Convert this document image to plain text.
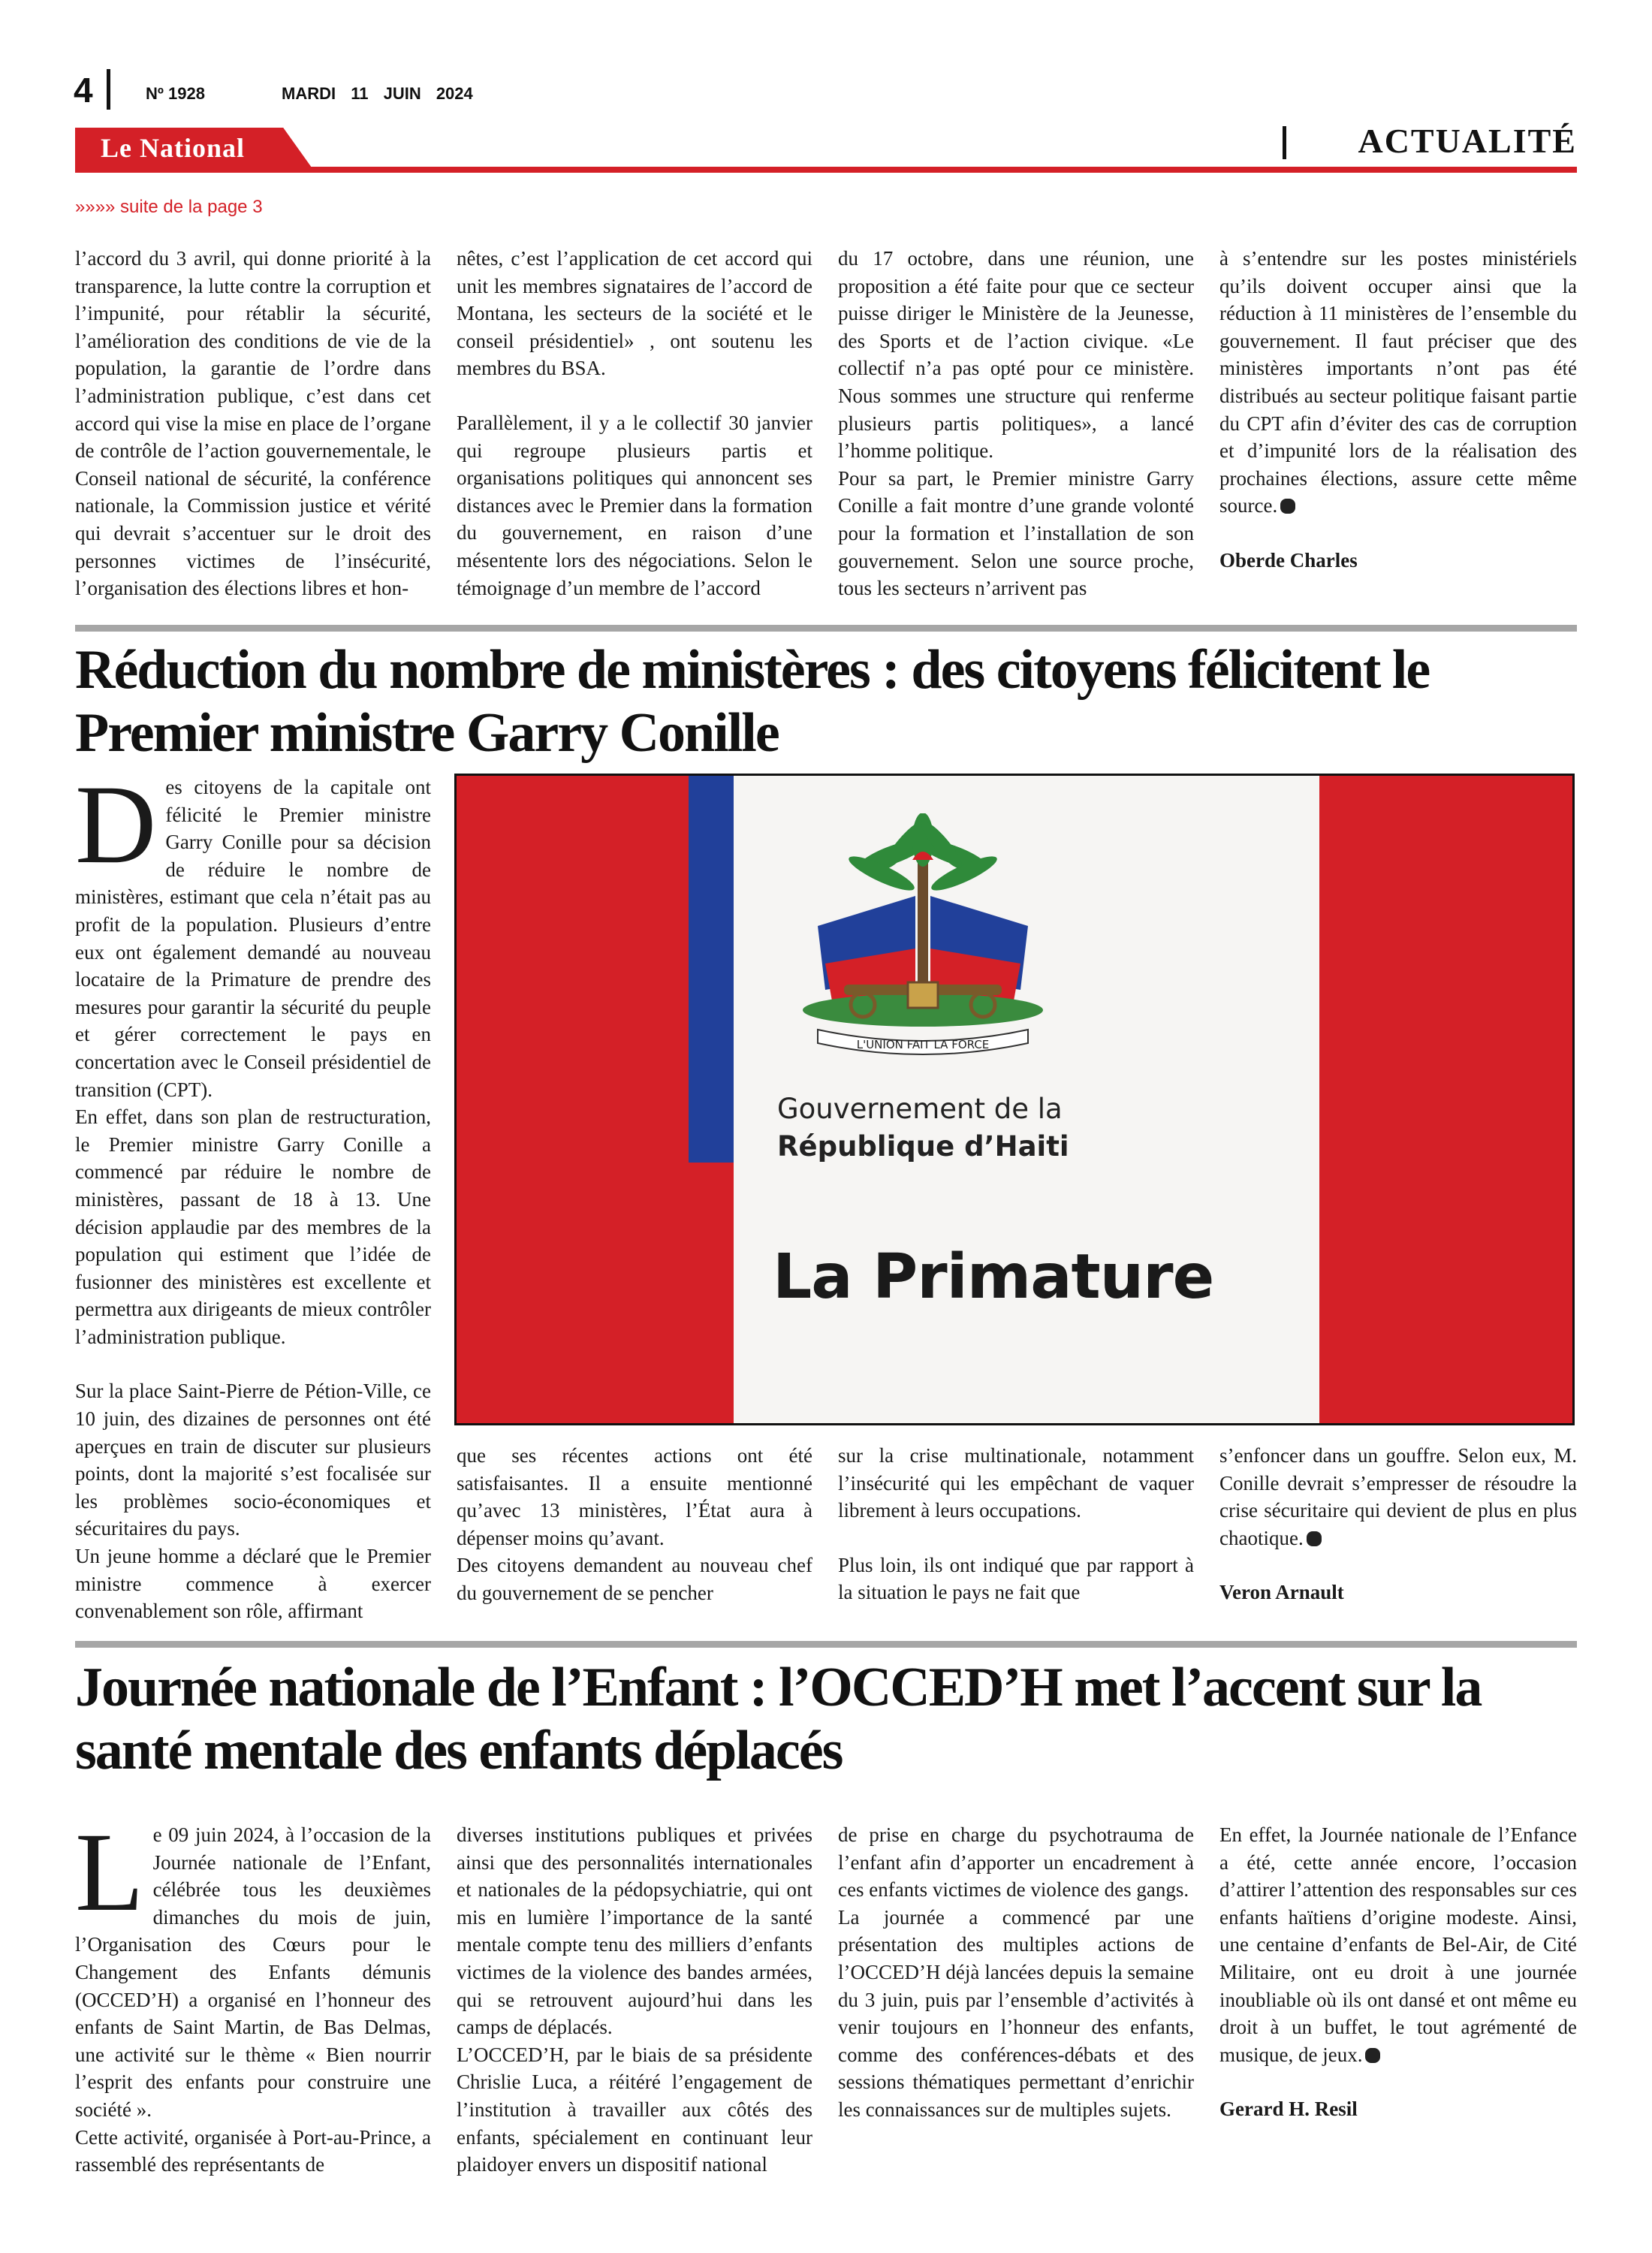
4	Nº 1928	MARDI 11 JUIN 2024
Le National	ACTUALITÉ
»»»» suite de la page 3

l’accord du 3 avril, qui donne priorité à la transparence, la lutte contre la corruption et l’impunité, pour rétablir la sécurité, l’amélioration des conditions de vie de la population, la garantie de l’ordre dans l’administration publique, c’est dans cet accord qui vise la mise en place de l’organe de contrôle de l’action gouvernementale, le Conseil national de sécurité, la conférence nationale, la Commission justice et vérité qui devrait s’accentuer sur le droit des personnes victimes de l’insécurité, l’organisation des élections libres et hon-

nêtes, c’est l’application de cet accord qui unit les membres signataires de l’accord de Montana, les secteurs de la société et le conseil présidentiel» , ont soutenu les membres du BSA.

Parallèlement, il y a le collectif 30 janvier qui regroupe plusieurs partis et organisations politiques qui annoncent ses distances avec le Premier dans la formation du gouvernement, en raison d’une mésentente lors des négociations. Selon le témoignage d’un membre de l’accord

du 17 octobre, dans une réunion, une proposition a été faite pour que ce secteur puisse diriger le Ministère de la Jeunesse, des Sports et de l’action civique. «Le collectif n’a pas opté pour ce ministère. Nous sommes une structure qui renferme plusieurs partis politiques», a lancé l’homme politique.

Pour sa part, le Premier ministre Garry Conille a fait montre d’une grande volonté pour la formation et l’installation de son gouvernement. Selon une source proche, tous les secteurs n’arrivent pas

à s’entendre sur les postes ministériels qu’ils doivent occuper ainsi que la réduction à 11 ministères de l’ensemble du gouvernement. Il faut préciser que des ministères importants n’ont pas été distribués au secteur politique faisant partie du CPT afin d’éviter des cas de corruption et d’impunité lors de la réalisation des prochaines élections, assure cette même source.

Oberde Charles

Réduction du nombre de ministères : des citoyens félicitent le Premier ministre Garry Conille

Des citoyens de la capitale ont félicité le Premier ministre Garry Conille pour sa décision de réduire le nombre de ministères, estimant que cela n’était pas au profit de la population. Plusieurs d’entre eux ont également demandé au nouveau locataire de la Primature de prendre des mesures pour garantir la sécurité du peuple et gérer correctement le pays en concertation avec le Conseil présidentiel de transition (CPT).

En effet, dans son plan de restructuration, le Premier ministre Garry Conille a commencé par réduire le nombre de ministères, passant de 18 à 13. Une décision applaudie par des membres de la population qui estiment que l’idée de fusionner des ministères est excellente et permettra aux dirigeants de mieux contrôler l’administration publique.

Sur la place Saint-Pierre de Pétion-Ville, ce 10 juin, des dizaines de personnes ont été aperçues en train de discuter sur plusieurs points, dont la majorité s’est focalisée sur les problèmes socio-économiques et sécuritaires du pays.

Un jeune homme a déclaré que le Premier ministre commence à exercer convenablement son rôle, affirmant

L'UNION FAIT LA FORCE
Gouvernement de la
République d’Haiti
La Primature

que ses récentes actions ont été satisfaisantes. Il a ensuite mentionné qu’avec 13 ministères, l’État aura à dépenser moins qu’avant.

Des citoyens demandent au nouveau chef du gouvernement de se pencher

sur la crise multinationale, notamment l’insécurité qui les empêchant de vaquer librement à leurs occupations.

Plus loin, ils ont indiqué que par rapport à la situation le pays ne fait que

s’enfoncer dans un gouffre. Selon eux, M. Conille devrait s’empresser de résoudre la crise sécuritaire qui devient de plus en plus chaotique.

Veron Arnault

Journée nationale de l’Enfant : l’OCCED’H met l’accent sur la santé mentale des enfants déplacés

Le 09 juin 2024, à l’occasion de la Journée nationale de l’Enfant, célébrée tous les deuxièmes dimanches du mois de juin, l’Organisation des Cœurs pour le Changement des Enfants démunis (OCCED’H) a organisé en l’honneur des enfants de Saint Martin, de Bas Delmas, une activité sur le thème « Bien nourrir l’esprit des enfants pour construire une société ».

Cette activité, organisée à Port-au-Prince, a rassemblé des représentants de

diverses institutions publiques et privées ainsi que des personnalités internationales et nationales de la pédopsychiatrie, qui ont mis en lumière l’importance de la santé mentale compte tenu des milliers d’enfants victimes de la violence des bandes armées, qui se retrouvent aujourd’hui dans les camps de déplacés.

L’OCCED’H, par le biais de sa présidente Chrislie Luca, a réitéré l’engagement de l’institution à travailler aux côtés des enfants, spécialement en continuant leur plaidoyer envers un dispositif national

de prise en charge du psychotrauma de l’enfant afin d’apporter un encadrement à ces enfants victimes de violence des gangs.

La journée a commencé par une présentation des multiples actions de l’OCCED’H déjà lancées depuis la semaine du 3 juin, puis par l’ensemble d’activités à venir toujours en l’honneur des enfants, comme des conférences-débats et des sessions thématiques permettant d’enrichir les connaissances sur de multiples sujets.

En effet, la Journée nationale de l’Enfance a été, cette année encore, l’occasion d’attirer l’attention des responsables sur ces enfants haïtiens d’origine modeste. Ainsi, une centaine d’enfants de Bel-Air, de Cité Militaire, ont eu droit à une journée inoubliable où ils ont dansé et ont même eu droit à un buffet, le tout agrémenté de musique, de jeux.

Gerard H. Resil
